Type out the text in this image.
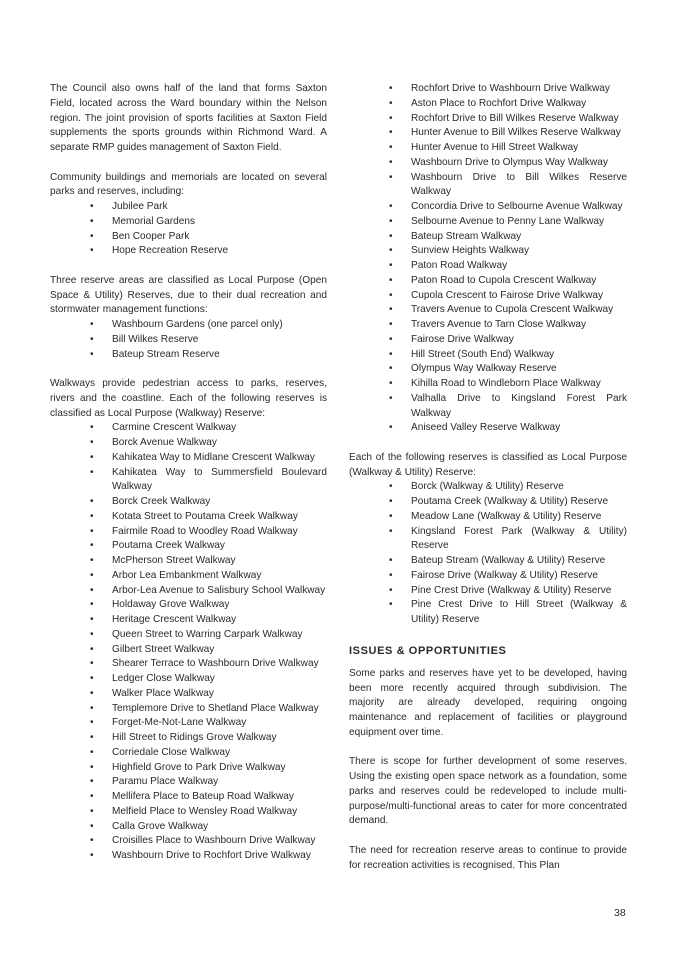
The Council also owns half of the land that forms Saxton Field, located across the Ward boundary within the Nelson region. The joint provision of sports facilities at Saxton Field supplements the sports grounds within Richmond Ward. A separate RMP guides management of Saxton Field.

Community buildings and memorials are located on several parks and reserves, including:

• Jubilee Park
• Memorial Gardens
• Ben Cooper Park
• Hope Recreation Reserve

Three reserve areas are classified as Local Purpose (Open Space & Utility) Reserves, due to their dual recreation and stormwater management functions:

• Washbourn Gardens (one parcel only)
• Bill Wilkes Reserve
• Bateup Stream Reserve

Walkways provide pedestrian access to parks, reserves, rivers and the coastline. Each of the following reserves is classified as Local Purpose (Walkway) Reserve:

• Carmine Crescent Walkway
• Borck Avenue Walkway
• Kahikatea Way to Midlane Crescent Walkway
• Kahikatea Way to Summersfield Boulevard Walkway
• Borck Creek Walkway
• Kotata Street to Poutama Creek Walkway
• Fairmile Road to Woodley Road Walkway
• Poutama Creek Walkway
• McPherson Street Walkway
• Arbor Lea Embankment Walkway
• Arbor-Lea Avenue to Salisbury School Walkway
• Holdaway Grove Walkway
• Heritage Crescent Walkway
• Queen Street to Warring Carpark Walkway
• Gilbert Street Walkway
• Shearer Terrace to Washbourn Drive Walkway
• Ledger Close Walkway
• Walker Place Walkway
• Templemore Drive to Shetland Place Walkway
• Forget-Me-Not-Lane Walkway
• Hill Street to Ridings Grove Walkway
• Corriedale Close Walkway
• Highfield Grove to Park Drive Walkway
• Paramu Place Walkway
• Mellifera Place to Bateup Road Walkway
• Melfield Place to Wensley Road Walkway
• Calla Grove Walkway
• Croisilles Place to Washbourn Drive Walkway
• Washbourn Drive to Rochfort Drive Walkway
• Rochfort Drive to Washbourn Drive Walkway
• Aston Place to Rochfort Drive Walkway
• Rochfort Drive to Bill Wilkes Reserve Walkway
• Hunter Avenue to Bill Wilkes Reserve Walkway
• Hunter Avenue to Hill Street Walkway
• Washbourn Drive to Olympus Way Walkway
• Washbourn Drive to Bill Wilkes Reserve Walkway
• Concordia Drive to Selbourne Avenue Walkway
• Selbourne Avenue to Penny Lane Walkway
• Bateup Stream Walkway
• Sunview Heights Walkway
• Paton Road Walkway
• Paton Road to Cupola Crescent Walkway
• Cupola Crescent to Fairose Drive Walkway
• Travers Avenue to Cupola Crescent Walkway
• Travers Avenue to Tarn Close Walkway
• Fairose Drive Walkway
• Hill Street (South End) Walkway
• Olympus Way Walkway Reserve
• Kihilla Road to Windleborn Place Walkway
• Valhalla Drive to Kingsland Forest Park Walkway
• Aniseed Valley Reserve Walkway

Each of the following reserves is classified as Local Purpose (Walkway & Utility) Reserve:

• Borck (Walkway & Utility) Reserve
• Poutama Creek (Walkway & Utility) Reserve
• Meadow Lane (Walkway & Utility) Reserve
• Kingsland Forest Park (Walkway & Utility) Reserve
• Bateup Stream (Walkway & Utility) Reserve
• Fairose Drive (Walkway & Utility) Reserve
• Pine Crest Drive (Walkway & Utility) Reserve
• Pine Crest Drive to Hill Street (Walkway & Utility) Reserve
ISSUES & OPPORTUNITIES

Some parks and reserves have yet to be developed, having been more recently acquired through subdivision. The majority are already developed, requiring ongoing maintenance and replacement of facilities or playground equipment over time.

There is scope for further development of some reserves. Using the existing open space network as a foundation, some parks and reserves could be redeveloped to include multi-purpose/multi-functional areas to cater for more concentrated demand.

The need for recreation reserve areas to continue to provide for recreation activities is recognised. This Plan

38
